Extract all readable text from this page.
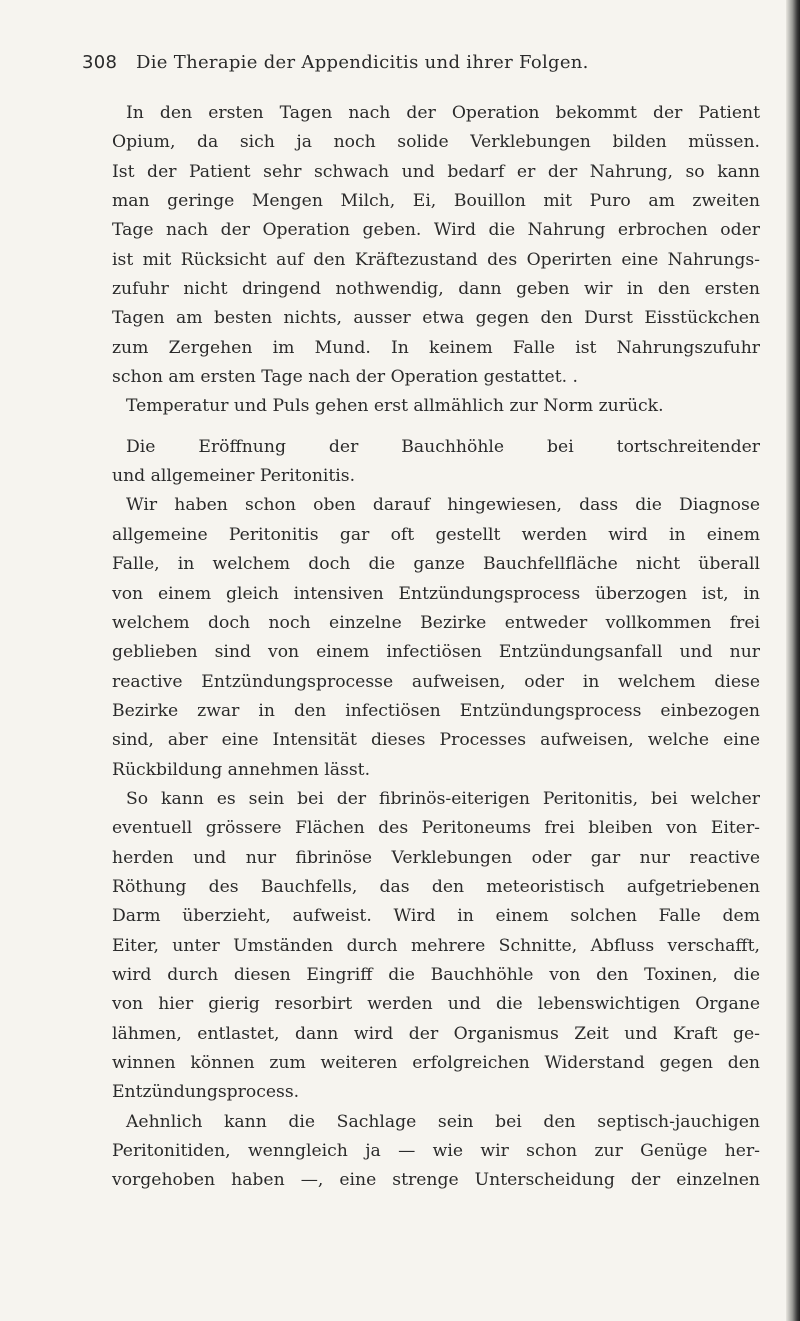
308 Die Therapie der Appendicitis und ihrer Folgen.
In den ersten Tagen nach der Operation bekommt der Patient
Opium, da sich ja noch solide Verklebungen bilden müssen.
Ist der Patient sehr schwach und bedarf er der Nahrung, so kann
man geringe Mengen Milch, Ei, Bouillon mit Puro am zweiten
Tage nach der Operation geben. Wird die Nahrung erbrochen oder
ist mit Rücksicht auf den Kräftezustand des Operirten eine Nahrungs-
zufuhr nicht dringend nothwendig, dann geben wir in den ersten
Tagen am besten nichts, ausser etwa gegen den Durst Eisstückchen
zum Zergehen im Mund. In keinem Falle ist Nahrungszufuhr
schon am ersten Tage nach der Operation gestattet. .
Temperatur und Puls gehen erst allmählich zur Norm zurück.
Die Eröffnung der Bauchhöhle bei tortschreitender
und allgemeiner Peritonitis.
Wir haben schon oben darauf hingewiesen, dass die Diagnose
allgemeine Peritonitis gar oft gestellt werden wird in einem
Falle, in welchem doch die ganze Bauchfellfläche nicht überall
von einem gleich intensiven Entzündungsprocess überzogen ist, in
welchem doch noch einzelne Bezirke entweder vollkommen frei
geblieben sind von einem infectiösen Entzündungsanfall und nur
reactive Entzündungsprocesse aufweisen, oder in welchem diese
Bezirke zwar in den infectiösen Entzündungsprocess einbezogen
sind, aber eine Intensität dieses Processes aufweisen, welche eine
Rückbildung annehmen lässt.
So kann es sein bei der fibrinös-eiterigen Peritonitis, bei welcher
eventuell grössere Flächen des Peritoneums frei bleiben von Eiter-
herden und nur fibrinöse Verklebungen oder gar nur reactive
Röthung des Bauchfells, das den meteoristisch aufgetriebenen
Darm überzieht, aufweist. Wird in einem solchen Falle dem
Eiter, unter Umständen durch mehrere Schnitte, Abfluss verschafft,
wird durch diesen Eingriff die Bauchhöhle von den Toxinen, die
von hier gierig resorbirt werden und die lebenswichtigen Organe
lähmen, entlastet, dann wird der Organismus Zeit und Kraft ge-
winnen können zum weiteren erfolgreichen Widerstand gegen den
Entzündungsprocess.
Aehnlich kann die Sachlage sein bei den septisch-jauchigen
Peritonitiden, wenngleich ja — wie wir schon zur Genüge her-
vorgehoben haben —, eine strenge Unterscheidung der einzelnen
